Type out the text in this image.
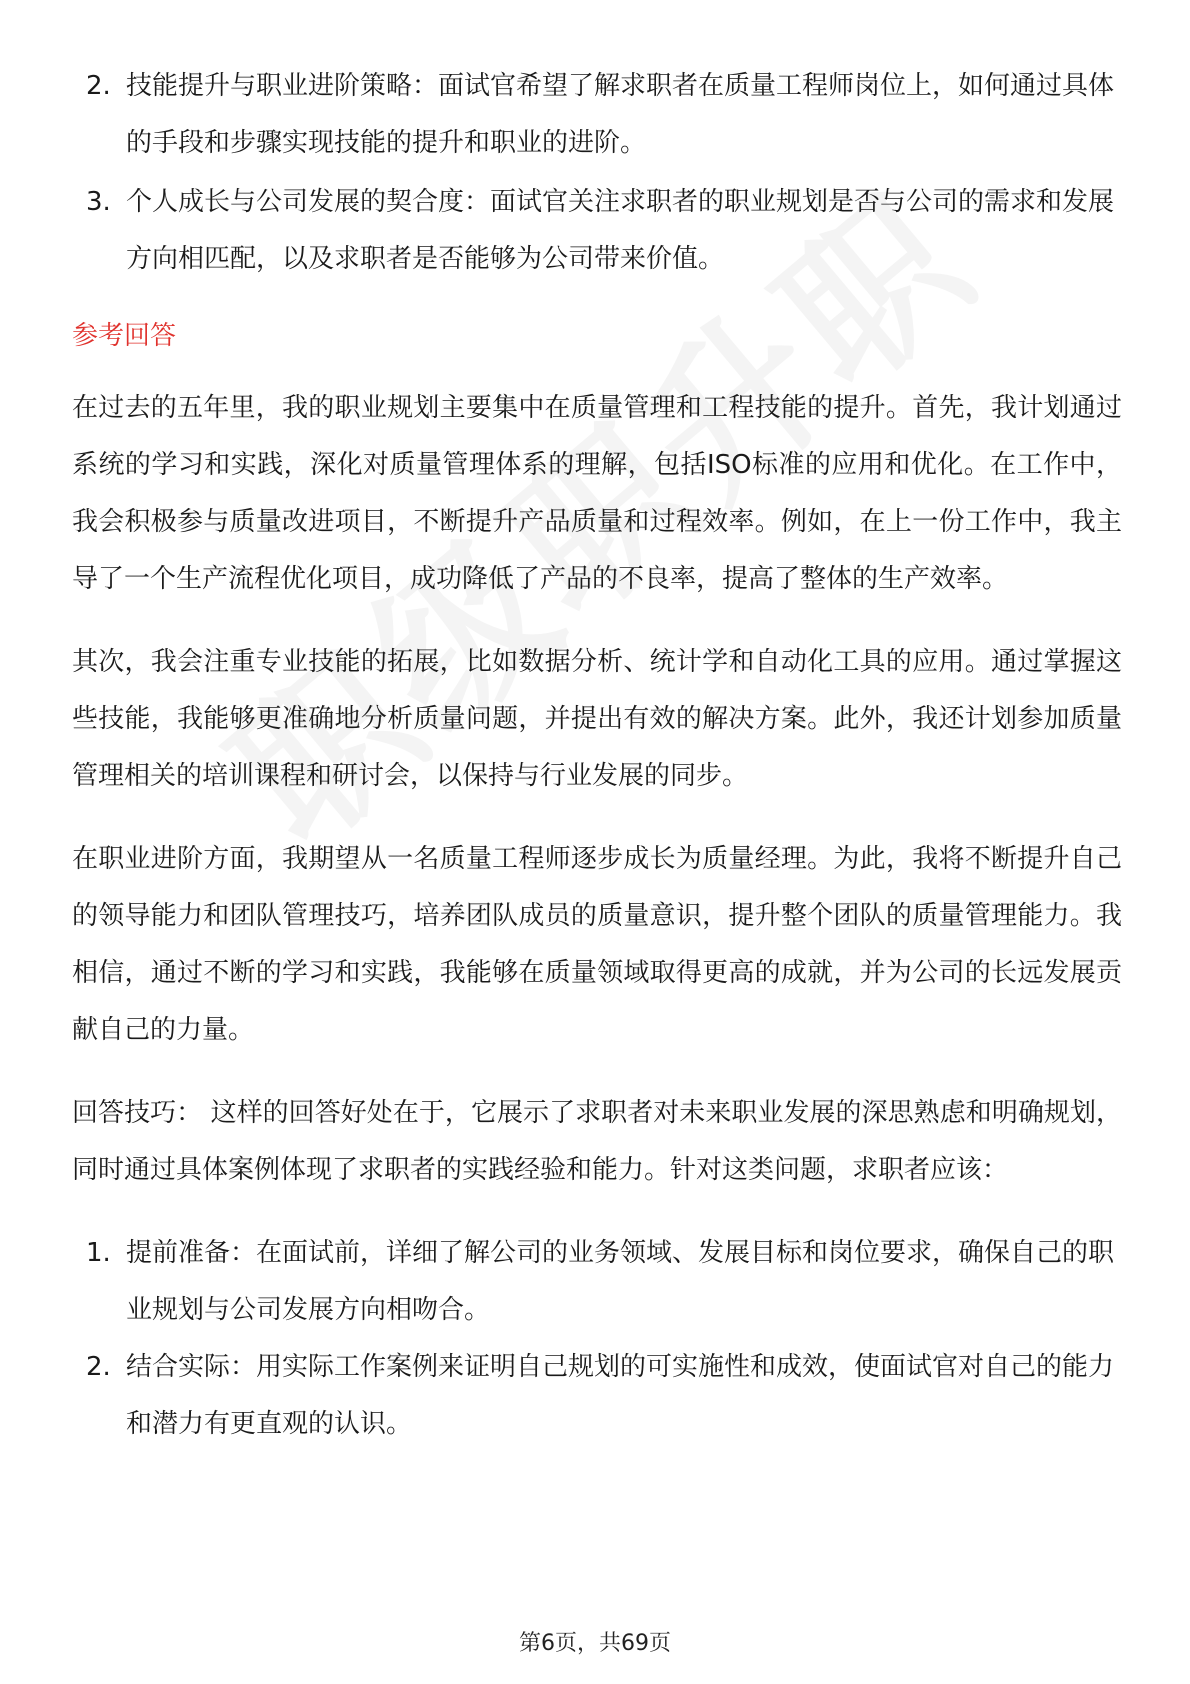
2. 技能提升与职业进阶策略：面试官希望了解求职者在质量工程师岗位上，如何通过具体的手段和步骤实现技能的提升和职业的进阶。
3. 个人成长与公司发展的契合度：面试官关注求职者的职业规划是否与公司的需求和发展方向相匹配，以及求职者是否能够为公司带来价值。
参考回答

在过去的五年里，我的职业规划主要集中在质量管理和工程技能的提升。首先，我计划通过系统的学习和实践，深化对质量管理体系的理解，包括ISO标准的应用和优化。在工作中，我会积极参与质量改进项目，不断提升产品质量和过程效率。例如，在上一份工作中，我主导了一个生产流程优化项目，成功降低了产品的不良率，提高了整体的生产效率。

其次，我会注重专业技能的拓展，比如数据分析、统计学和自动化工具的应用。通过掌握这些技能，我能够更准确地分析质量问题，并提出有效的解决方案。此外，我还计划参加质量管理相关的培训课程和研讨会，以保持与行业发展的同步。

在职业进阶方面，我期望从一名质量工程师逐步成长为质量经理。为此，我将不断提升自己的领导能力和团队管理技巧，培养团队成员的质量意识，提升整个团队的质量管理能力。我相信，通过不断的学习和实践，我能够在质量领域取得更高的成就，并为公司的长远发展贡献自己的力量。

回答技巧： 这样的回答好处在于，它展示了求职者对未来职业发展的深思熟虑和明确规划，同时通过具体案例体现了求职者的实践经验和能力。针对这类问题，求职者应该：

1. 提前准备：在面试前，详细了解公司的业务领域、发展目标和岗位要求，确保自己的职业规划与公司发展方向相吻合。
2. 结合实际：用实际工作案例来证明自己规划的可实施性和成效，使面试官对自己的能力和潜力有更直观的认识。
第6页，共69页
